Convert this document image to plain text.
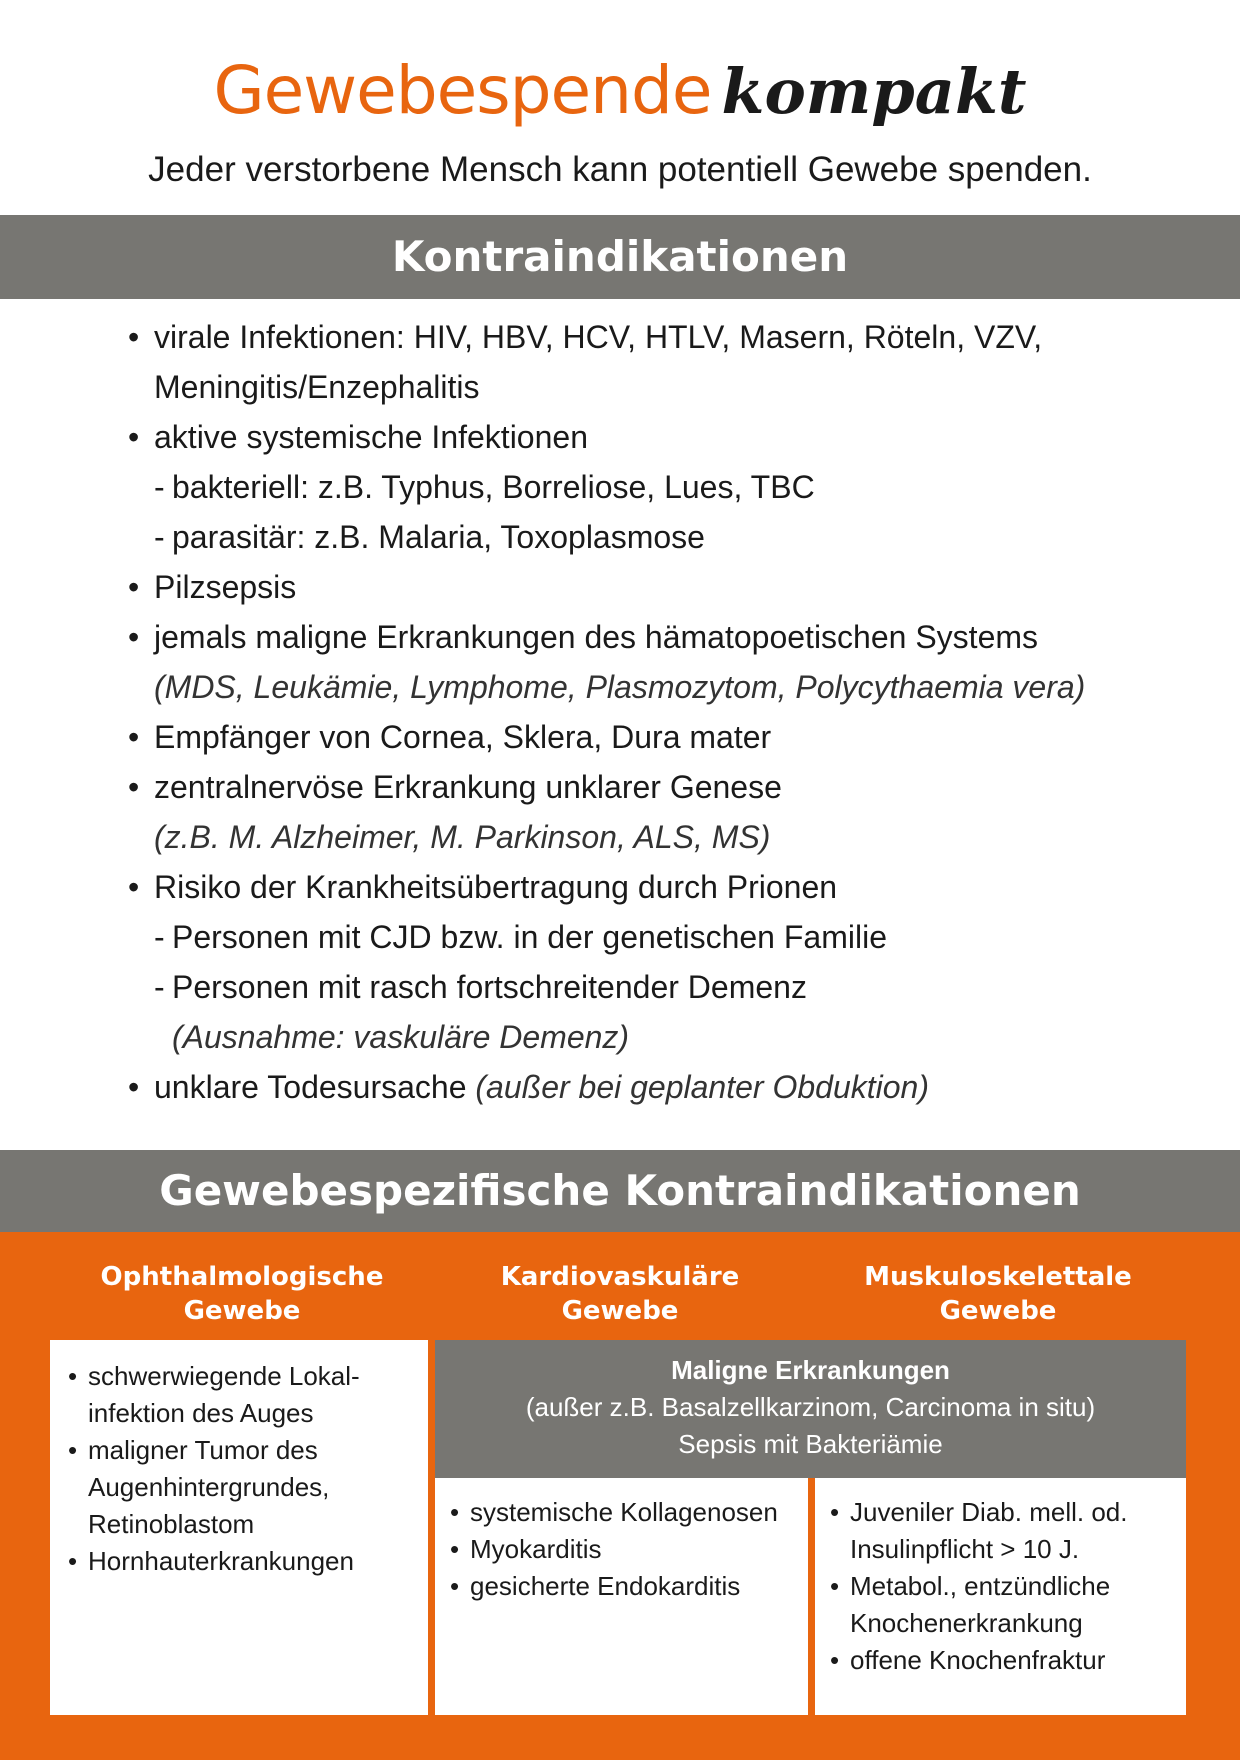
Gewebespende kompakt
Jeder verstorbene Mensch kann potentiell Gewebe spenden.
Kontraindikationen
• virale Infektionen: HIV, HBV, HCV, HTLV, Masern, Röteln, VZV,
Meningitis/Enzephalitis
• aktive systemische Infektionen
- bakteriell: z.B. Typhus, Borreliose, Lues, TBC
- parasitär: z.B. Malaria, Toxoplasmose
• Pilzsepsis
• jemals maligne Erkrankungen des hämatopoetischen Systems
(MDS, Leukämie, Lymphome, Plasmozytom, Polycythaemia vera)
• Empfänger von Cornea, Sklera, Dura mater
• zentralnervöse Erkrankung unklarer Genese
(z.B. M. Alzheimer, M. Parkinson, ALS, MS)
• Risiko der Krankheitsübertragung durch Prionen
- Personen mit CJD bzw. in der genetischen Familie
- Personen mit rasch fortschreitender Demenz
(Ausnahme: vaskuläre Demenz)
• unklare Todesursache (außer bei geplanter Obduktion)
Gewebespezifische Kontraindikationen
Ophthalmologische
Gewebe
Kardiovaskuläre
Gewebe
Muskuloskelettale
Gewebe
Maligne Erkrankungen
(außer z.B. Basalzellkarzinom, Carcinoma in situ)
Sepsis mit Bakteriämie
• schwerwiegende Lokal-
infektion des Auges
• maligner Tumor des
Augenhintergrundes,
Retinoblastom
• Hornhauterkrankungen
• systemische Kollagenosen
• Myokarditis
• gesicherte Endokarditis
• Juveniler Diab. mell. od.
Insulinpflicht > 10 J.
• Metabol., entzündliche
Knochenerkrankung
• offene Knochenfraktur
